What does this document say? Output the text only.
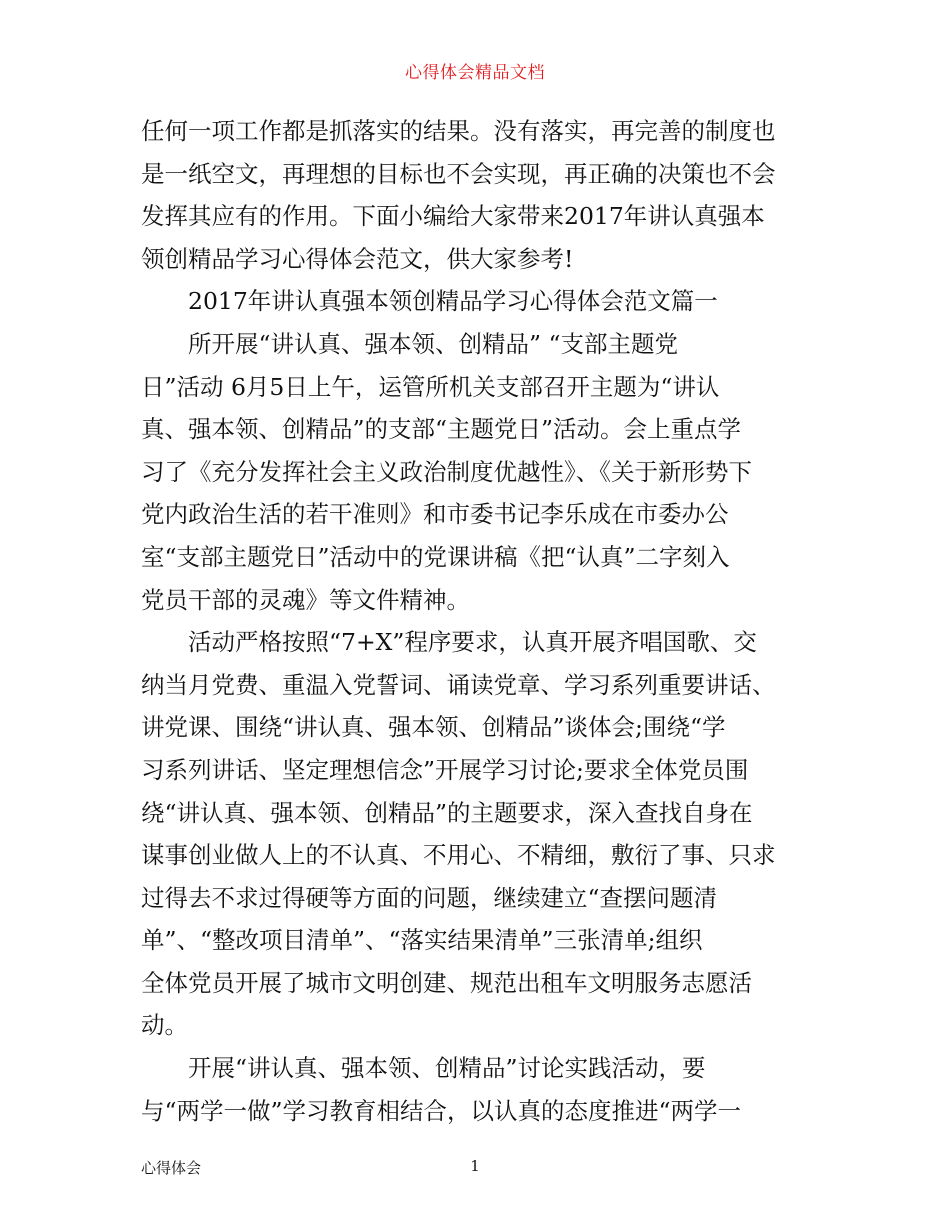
心得体会精品文档
任何一项工作都是抓落实的结果。没有落实，再完善的制度也
是一纸空文，再理想的目标也不会实现，再正确的决策也不会
发挥其应有的作用。下面小编给大家带来2017年讲认真强本
领创精品学习心得体会范文，供大家参考!
　　2017年讲认真强本领创精品学习心得体会范文篇一
　　所开展“讲认真、强本领、创精品” “支部主题党
日”活动 6月5日上午，运管所机关支部召开主题为“讲认
真、强本领、创精品”的支部“主题党日”活动。会上重点学
习了《充分发挥社会主义政治制度优越性》、《关于新形势下
党内政治生活的若干准则》和市委书记李乐成在市委办公
室“支部主题党日”活动中的党课讲稿《把“认真”二字刻入
党员干部的灵魂》等文件精神。
　　活动严格按照“7+X”程序要求，认真开展齐唱国歌、交
纳当月党费、重温入党誓词、诵读党章、学习系列重要讲话、
讲党课、围绕“讲认真、强本领、创精品”谈体会;围绕“学
习系列讲话、坚定理想信念”开展学习讨论;要求全体党员围
绕“讲认真、强本领、创精品”的主题要求，深入查找自身在
谋事创业做人上的不认真、不用心、不精细，敷衍了事、只求
过得去不求过得硬等方面的问题，继续建立“查摆问题清
单”、“整改项目清单”、“落实结果清单”三张清单;组织
全体党员开展了城市文明创建、规范出租车文明服务志愿活
动。
　　开展“讲认真、强本领、创精品”讨论实践活动，要
与“两学一做”学习教育相结合，以认真的态度推进“两学一
心得体会	1
